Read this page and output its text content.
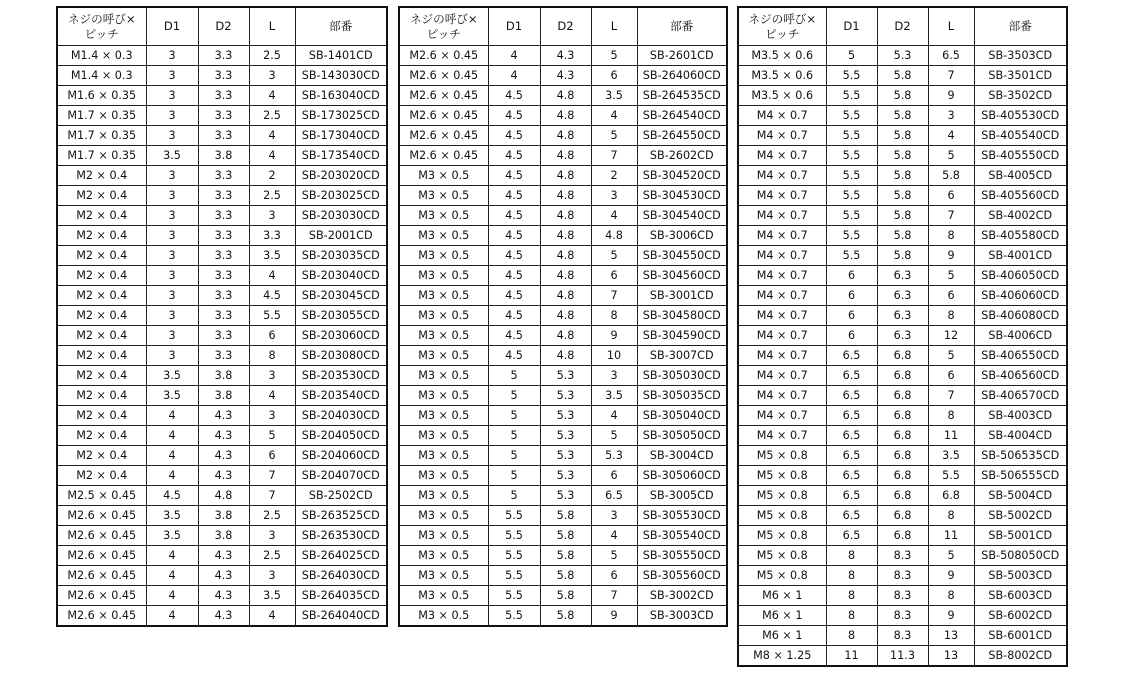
ネジの呼び×
ピッチ	D1	D2	L	部番
M1.4 × 0.3	3	3.3	2.5	SB-1401CD
M1.4 × 0.3	3	3.3	3	SB-143030CD
M1.6 × 0.35	3	3.3	4	SB-163040CD
M1.7 × 0.35	3	3.3	2.5	SB-173025CD
M1.7 × 0.35	3	3.3	4	SB-173040CD
M1.7 × 0.35	3.5	3.8	4	SB-173540CD
M2 × 0.4	3	3.3	2	SB-203020CD
M2 × 0.4	3	3.3	2.5	SB-203025CD
M2 × 0.4	3	3.3	3	SB-203030CD
M2 × 0.4	3	3.3	3.3	SB-2001CD
M2 × 0.4	3	3.3	3.5	SB-203035CD
M2 × 0.4	3	3.3	4	SB-203040CD
M2 × 0.4	3	3.3	4.5	SB-203045CD
M2 × 0.4	3	3.3	5.5	SB-203055CD
M2 × 0.4	3	3.3	6	SB-203060CD
M2 × 0.4	3	3.3	8	SB-203080CD
M2 × 0.4	3.5	3.8	3	SB-203530CD
M2 × 0.4	3.5	3.8	4	SB-203540CD
M2 × 0.4	4	4.3	3	SB-204030CD
M2 × 0.4	4	4.3	5	SB-204050CD
M2 × 0.4	4	4.3	6	SB-204060CD
M2 × 0.4	4	4.3	7	SB-204070CD
M2.5 × 0.45	4.5	4.8	7	SB-2502CD
M2.6 × 0.45	3.5	3.8	2.5	SB-263525CD
M2.6 × 0.45	3.5	3.8	3	SB-263530CD
M2.6 × 0.45	4	4.3	2.5	SB-264025CD
M2.6 × 0.45	4	4.3	3	SB-264030CD
M2.6 × 0.45	4	4.3	3.5	SB-264035CD
M2.6 × 0.45	4	4.3	4	SB-264040CD
ネジの呼び×
ピッチ	D1	D2	L	部番
M2.6 × 0.45	4	4.3	5	SB-2601CD
M2.6 × 0.45	4	4.3	6	SB-264060CD
M2.6 × 0.45	4.5	4.8	3.5	SB-264535CD
M2.6 × 0.45	4.5	4.8	4	SB-264540CD
M2.6 × 0.45	4.5	4.8	5	SB-264550CD
M2.6 × 0.45	4.5	4.8	7	SB-2602CD
M3 × 0.5	4.5	4.8	2	SB-304520CD
M3 × 0.5	4.5	4.8	3	SB-304530CD
M3 × 0.5	4.5	4.8	4	SB-304540CD
M3 × 0.5	4.5	4.8	4.8	SB-3006CD
M3 × 0.5	4.5	4.8	5	SB-304550CD
M3 × 0.5	4.5	4.8	6	SB-304560CD
M3 × 0.5	4.5	4.8	7	SB-3001CD
M3 × 0.5	4.5	4.8	8	SB-304580CD
M3 × 0.5	4.5	4.8	9	SB-304590CD
M3 × 0.5	4.5	4.8	10	SB-3007CD
M3 × 0.5	5	5.3	3	SB-305030CD
M3 × 0.5	5	5.3	3.5	SB-305035CD
M3 × 0.5	5	5.3	4	SB-305040CD
M3 × 0.5	5	5.3	5	SB-305050CD
M3 × 0.5	5	5.3	5.3	SB-3004CD
M3 × 0.5	5	5.3	6	SB-305060CD
M3 × 0.5	5	5.3	6.5	SB-3005CD
M3 × 0.5	5.5	5.8	3	SB-305530CD
M3 × 0.5	5.5	5.8	4	SB-305540CD
M3 × 0.5	5.5	5.8	5	SB-305550CD
M3 × 0.5	5.5	5.8	6	SB-305560CD
M3 × 0.5	5.5	5.8	7	SB-3002CD
M3 × 0.5	5.5	5.8	9	SB-3003CD
ネジの呼び×
ピッチ	D1	D2	L	部番
M3.5 × 0.6	5	5.3	6.5	SB-3503CD
M3.5 × 0.6	5.5	5.8	7	SB-3501CD
M3.5 × 0.6	5.5	5.8	9	SB-3502CD
M4 × 0.7	5.5	5.8	3	SB-405530CD
M4 × 0.7	5.5	5.8	4	SB-405540CD
M4 × 0.7	5.5	5.8	5	SB-405550CD
M4 × 0.7	5.5	5.8	5.8	SB-4005CD
M4 × 0.7	5.5	5.8	6	SB-405560CD
M4 × 0.7	5.5	5.8	7	SB-4002CD
M4 × 0.7	5.5	5.8	8	SB-405580CD
M4 × 0.7	5.5	5.8	9	SB-4001CD
M4 × 0.7	6	6.3	5	SB-406050CD
M4 × 0.7	6	6.3	6	SB-406060CD
M4 × 0.7	6	6.3	8	SB-406080CD
M4 × 0.7	6	6.3	12	SB-4006CD
M4 × 0.7	6.5	6.8	5	SB-406550CD
M4 × 0.7	6.5	6.8	6	SB-406560CD
M4 × 0.7	6.5	6.8	7	SB-406570CD
M4 × 0.7	6.5	6.8	8	SB-4003CD
M4 × 0.7	6.5	6.8	11	SB-4004CD
M5 × 0.8	6.5	6.8	3.5	SB-506535CD
M5 × 0.8	6.5	6.8	5.5	SB-506555CD
M5 × 0.8	6.5	6.8	6.8	SB-5004CD
M5 × 0.8	6.5	6.8	8	SB-5002CD
M5 × 0.8	6.5	6.8	11	SB-5001CD
M5 × 0.8	8	8.3	5	SB-508050CD
M5 × 0.8	8	8.3	9	SB-5003CD
M6 × 1	8	8.3	8	SB-6003CD
M6 × 1	8	8.3	9	SB-6002CD
M6 × 1	8	8.3	13	SB-6001CD
M8 × 1.25	11	11.3	13	SB-8002CD
